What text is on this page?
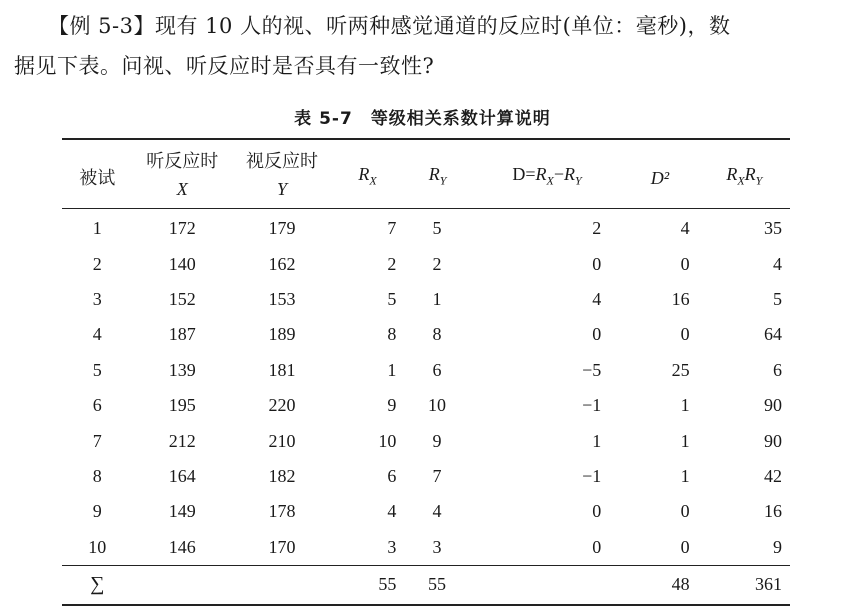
【例 5-3】现有 10 人的视、听两种感觉通道的反应时(单位：毫秒)，数
据见下表。问视、听反应时是否具有一致性?
表 5-7 等级相关系数计算说明
被试	听反应时	视反应时	$R_X$	$R_Y$	$D=R_X-R_Y$	D²	$R_XR_Y$
	X	Y					
1	172	179	7	5	2	4	35
2	140	162	2	2	0	0	4
3	152	153	5	1	4	16	5
4	187	189	8	8	0	0	64
5	139	181	1	6	−5	25	6
6	195	220	9	10	−1	1	90
7	212	210	10	9	1	1	90
8	164	182	6	7	−1	1	42
9	149	178	4	4	0	0	16
10	146	170	3	3	0	0	9
∑			55	55		48	361
